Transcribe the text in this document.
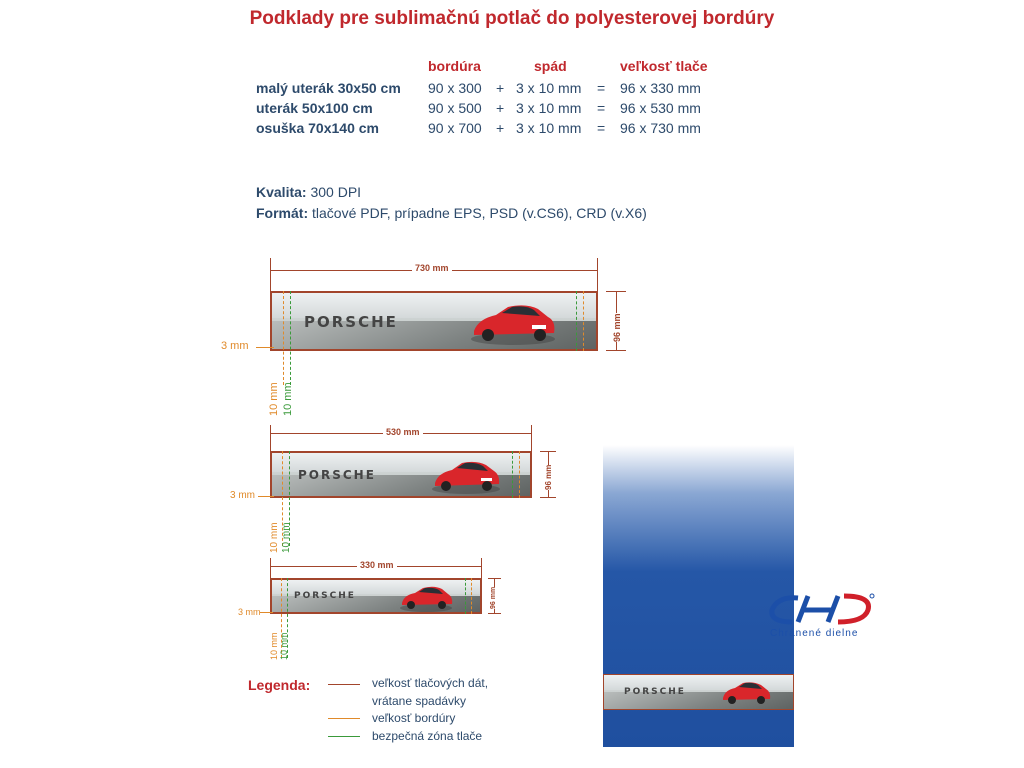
Podklady pre sublimačnú potlač do polyesterovej bordúry
bordúra	spád	veľkosť tlače
malý uterák 30x50 cm 90 x 300 + 3 x 10 mm = 96 x 330 mm
uterák 50x100 cm	90 x 500 + 3 x 10 mm = 96 x 530 mm
osuška 70x140 cm	90 x 700 + 3 x 10 mm = 96 x 730 mm
Kvalita: 300 DPI
Formát: tlačové PDF, prípadne EPS, PSD (v.CS6), CRD (v.X6)
730 mm
PORSCHE	96 mm
3 mm
10 mm 10 mm
530 mm
PORSCHE	96 mm
3 mm
10 mm 10 mm
330 mm
PORSCHE	96 mm
3 mm
10 mm 10 mm
Legenda:	veľkosť tlačových dát,
vrátane spadávky
veľkosť bordúry
bezpečná zóna tlače
PORSCHE
Chránené dielne
